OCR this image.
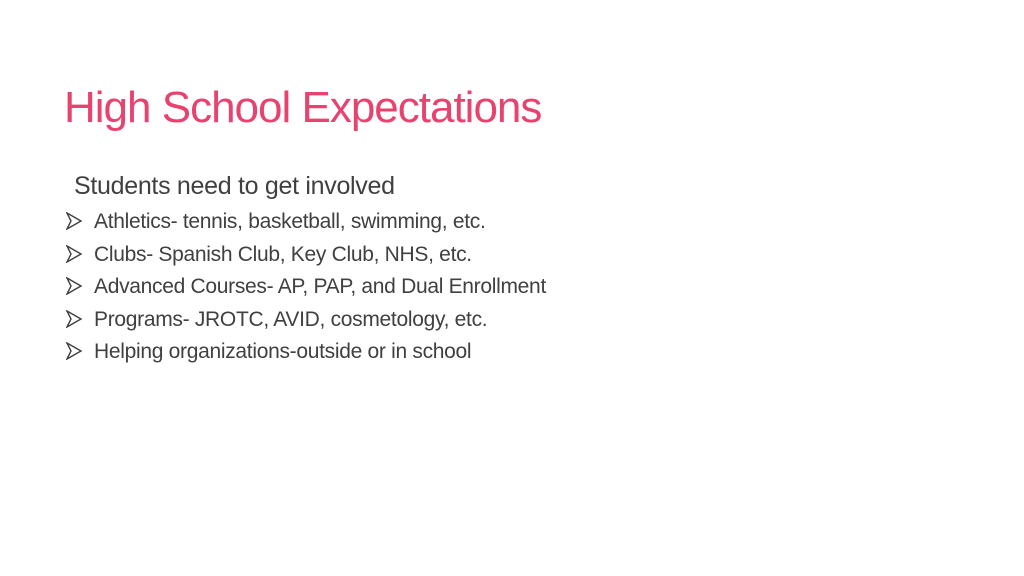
High School Expectations

Students need to get involved

Athletics- tennis, basketball, swimming, etc.
Clubs- Spanish Club, Key Club, NHS, etc.
Advanced Courses- AP, PAP, and Dual Enrollment
Programs- JROTC, AVID, cosmetology, etc.
Helping organizations-outside or in school
